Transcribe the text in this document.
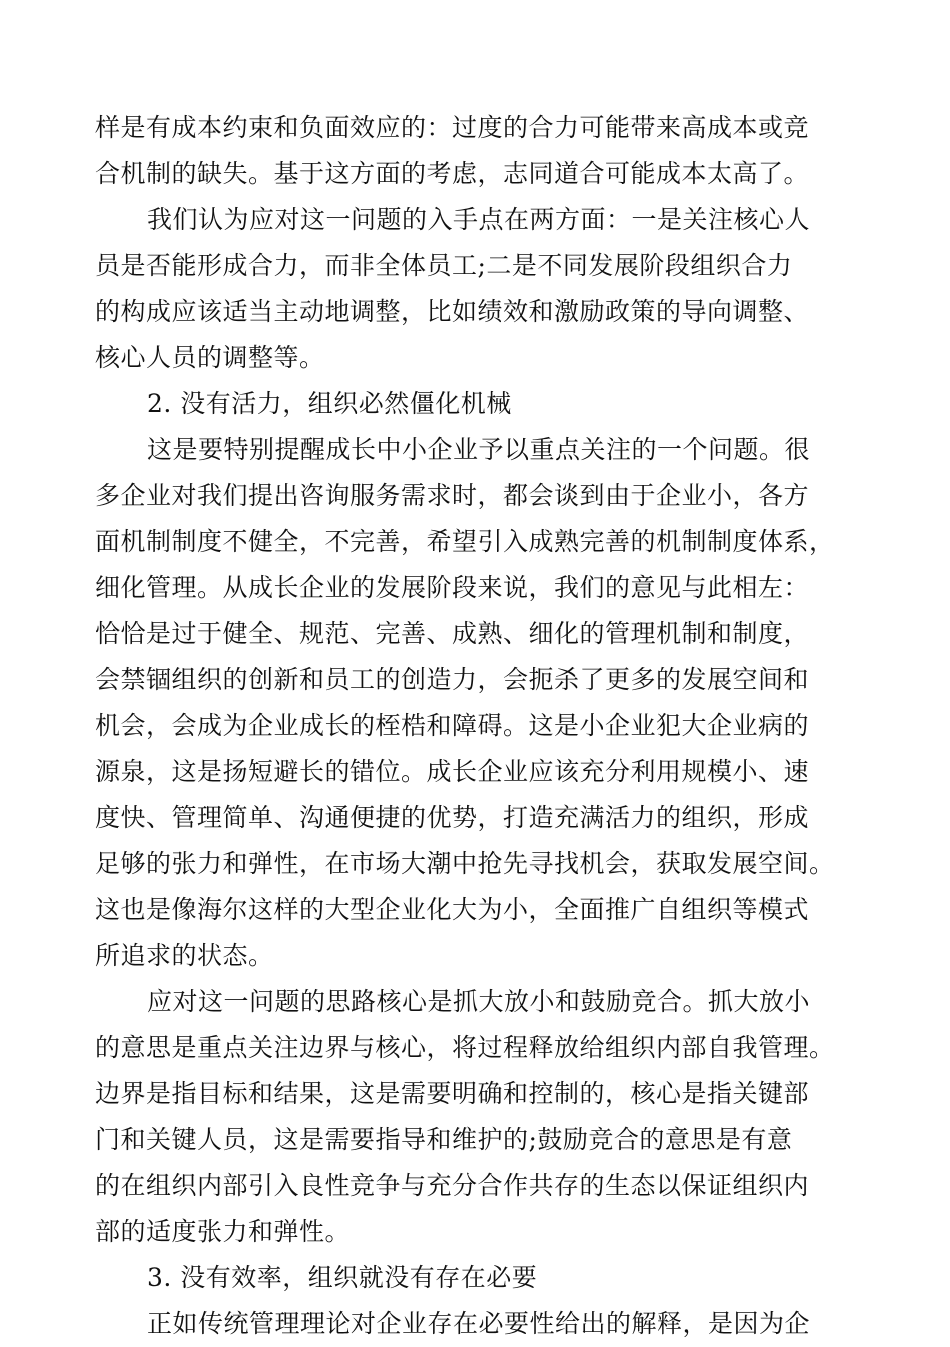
样是有成本约束和负面效应的：过度的合力可能带来高成本或竞
合机制的缺失。基于这方面的考虑，志同道合可能成本太高了。
我们认为应对这一问题的入手点在两方面：一是关注核心人
员是否能形成合力，而非全体员工;二是不同发展阶段组织合力
的构成应该适当主动地调整，比如绩效和激励政策的导向调整、
核心人员的调整等。
2. 没有活力，组织必然僵化机械
这是要特别提醒成长中小企业予以重点关注的一个问题。很
多企业对我们提出咨询服务需求时，都会谈到由于企业小，各方
面机制制度不健全，不完善，希望引入成熟完善的机制制度体系，
细化管理。从成长企业的发展阶段来说，我们的意见与此相左：
恰恰是过于健全、规范、完善、成熟、细化的管理机制和制度，
会禁锢组织的创新和员工的创造力，会扼杀了更多的发展空间和
机会，会成为企业成长的桎梏和障碍。这是小企业犯大企业病的
源泉，这是扬短避长的错位。成长企业应该充分利用规模小、速
度快、管理简单、沟通便捷的优势，打造充满活力的组织，形成
足够的张力和弹性，在市场大潮中抢先寻找机会，获取发展空间。
这也是像海尔这样的大型企业化大为小，全面推广自组织等模式
所追求的状态。
应对这一问题的思路核心是抓大放小和鼓励竞合。抓大放小
的意思是重点关注边界与核心，将过程释放给组织内部自我管理。
边界是指目标和结果，这是需要明确和控制的，核心是指关键部
门和关键人员，这是需要指导和维护的;鼓励竞合的意思是有意
的在组织内部引入良性竞争与充分合作共存的生态以保证组织内
部的适度张力和弹性。
3. 没有效率，组织就没有存在必要
正如传统管理理论对企业存在必要性给出的解释，是因为企
